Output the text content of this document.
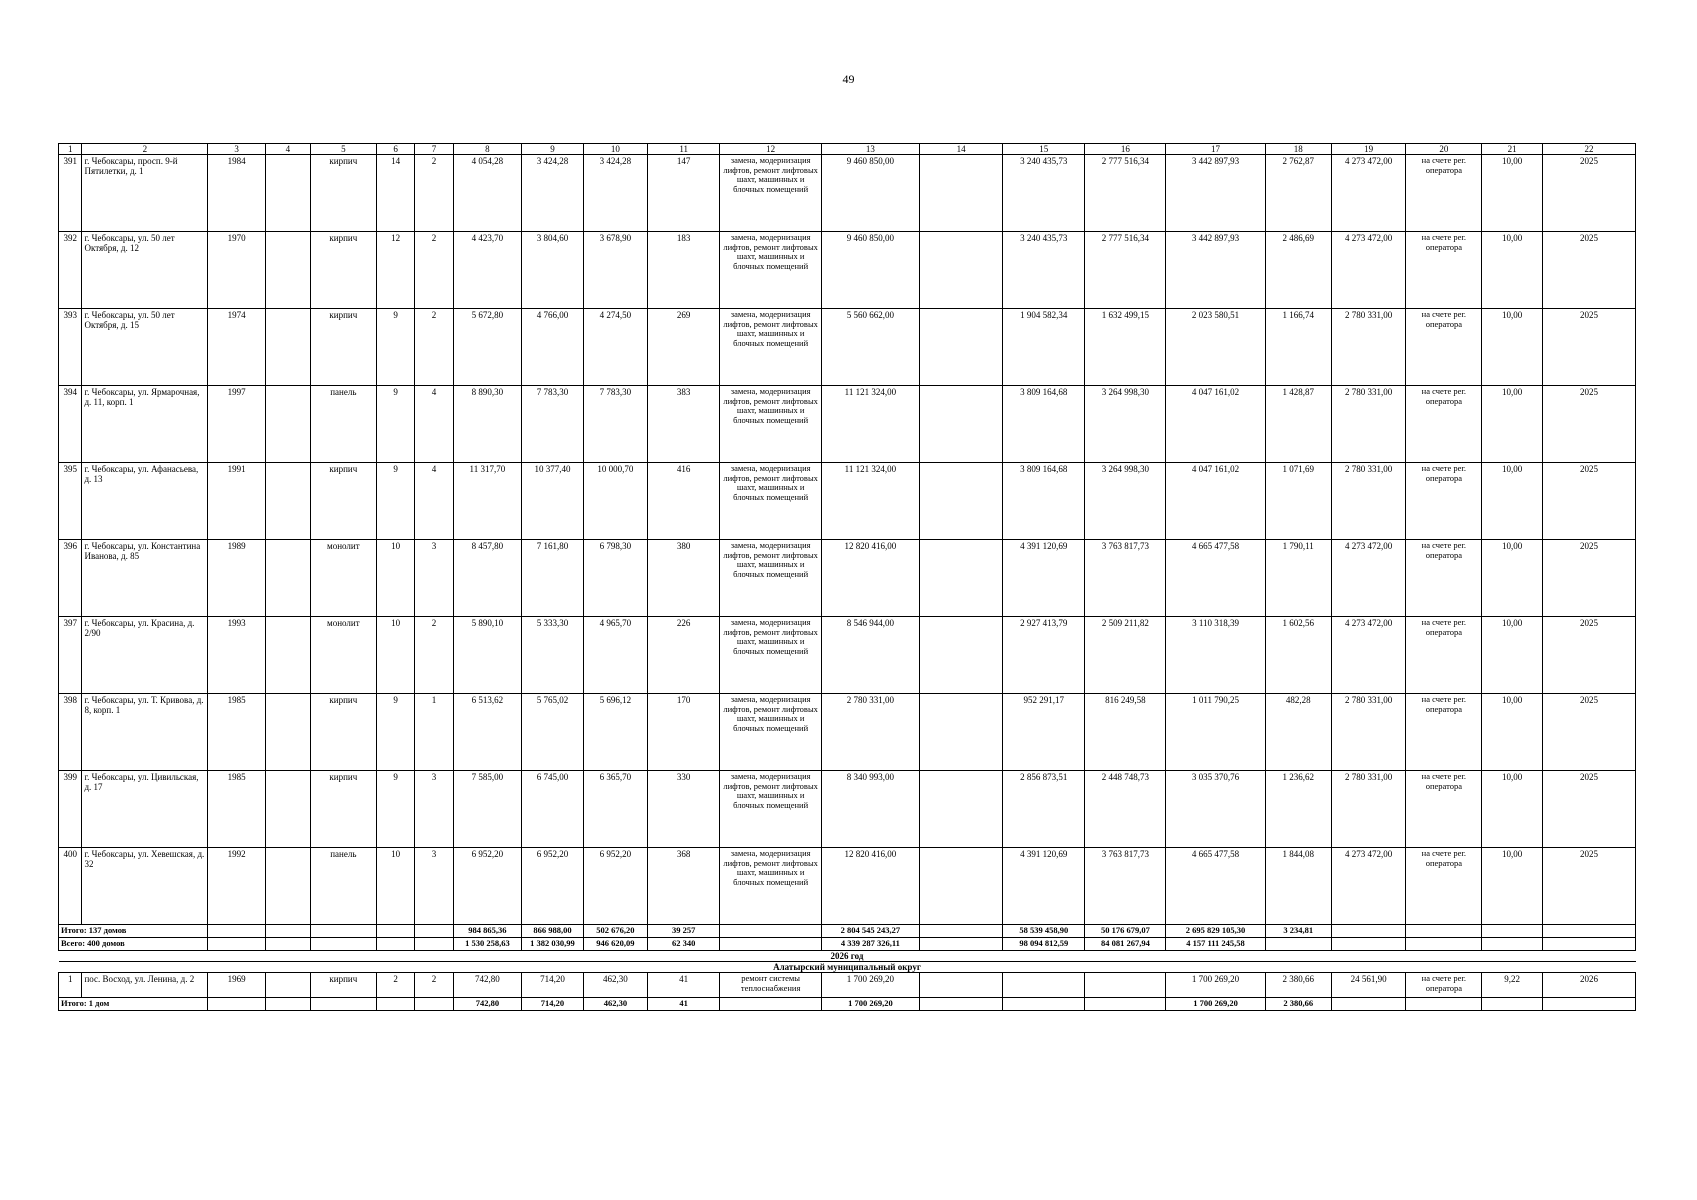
49
1	2	3	4	5	6	7	8	9	10	11	12	13	14	15	16	17	18	19	20	21	22
391	г. Чебоксары, просп. 9-й Пятилетки, д. 1	1984		кирпич	14	2	4 054,28	3 424,28	3 424,28	147	замена, модернизация лифтов, ремонт лифтовых шахт, машинных и блочных помещений	9 460 850,00		3 240 435,73	2 777 516,34	3 442 897,93	2 762,87	4 273 472,00	на счете рег. оператора	10,00	2025
392	г. Чебоксары, ул. 50 лет Октября, д. 12	1970		кирпич	12	2	4 423,70	3 804,60	3 678,90	183	замена, модернизация лифтов, ремонт лифтовых шахт, машинных и блочных помещений	9 460 850,00		3 240 435,73	2 777 516,34	3 442 897,93	2 486,69	4 273 472,00	на счете рег. оператора	10,00	2025
393	г. Чебоксары, ул. 50 лет Октября, д. 15	1974		кирпич	9	2	5 672,80	4 766,00	4 274,50	269	замена, модернизация лифтов, ремонт лифтовых шахт, машинных и блочных помещений	5 560 662,00		1 904 582,34	1 632 499,15	2 023 580,51	1 166,74	2 780 331,00	на счете рег. оператора	10,00	2025
394	г. Чебоксары, ул. Ярмарочная, д. 11, корп. 1	1997		панель	9	4	8 890,30	7 783,30	7 783,30	383	замена, модернизация лифтов, ремонт лифтовых шахт, машинных и блочных помещений	11 121 324,00		3 809 164,68	3 264 998,30	4 047 161,02	1 428,87	2 780 331,00	на счете рег. оператора	10,00	2025
395	г. Чебоксары, ул. Афанасьева, д. 13	1991		кирпич	9	4	11 317,70	10 377,40	10 000,70	416	замена, модернизация лифтов, ремонт лифтовых шахт, машинных и блочных помещений	11 121 324,00		3 809 164,68	3 264 998,30	4 047 161,02	1 071,69	2 780 331,00	на счете рег. оператора	10,00	2025
396	г. Чебоксары, ул. Константина Иванова, д. 85	1989		монолит	10	3	8 457,80	7 161,80	6 798,30	380	замена, модернизация лифтов, ремонт лифтовых шахт, машинных и блочных помещений	12 820 416,00		4 391 120,69	3 763 817,73	4 665 477,58	1 790,11	4 273 472,00	на счете рег. оператора	10,00	2025
397	г. Чебоксары, ул. Красина, д. 2/90	1993		монолит	10	2	5 890,10	5 333,30	4 965,70	226	замена, модернизация лифтов, ремонт лифтовых шахт, машинных и блочных помещений	8 546 944,00		2 927 413,79	2 509 211,82	3 110 318,39	1 602,56	4 273 472,00	на счете рег. оператора	10,00	2025
398	г. Чебоксары, ул. Т. Кривова, д. 8, корп. 1	1985		кирпич	9	1	6 513,62	5 765,02	5 696,12	170	замена, модернизация лифтов, ремонт лифтовых шахт, машинных и блочных помещений	2 780 331,00		952 291,17	816 249,58	1 011 790,25	482,28	2 780 331,00	на счете рег. оператора	10,00	2025
399	г. Чебоксары, ул. Цивильская, д. 17	1985		кирпич	9	3	7 585,00	6 745,00	6 365,70	330	замена, модернизация лифтов, ремонт лифтовых шахт, машинных и блочных помещений	8 340 993,00		2 856 873,51	2 448 748,73	3 035 370,76	1 236,62	2 780 331,00	на счете рег. оператора	10,00	2025
400	г. Чебоксары, ул. Хевешская, д. 32	1992		панель	10	3	6 952,20	6 952,20	6 952,20	368	замена, модернизация лифтов, ремонт лифтовых шахт, машинных и блочных помещений	12 820 416,00		4 391 120,69	3 763 817,73	4 665 477,58	1 844,08	4 273 472,00	на счете рег. оператора	10,00	2025
Итого: 137 домов							984 865,36	866 988,00	502 676,20	39 257		2 804 545 243,27		58 539 458,90	50 176 679,07	2 695 829 105,30	3 234,81				
Всего: 400 домов							1 530 258,63	1 382 030,99	946 620,09	62 340		4 339 287 326,11		98 094 812,59	84 081 267,94	4 157 111 245,58					
2026 год																					
Алатырский муниципальный округ																					
1	пос. Восход, ул. Ленина, д. 2	1969		кирпич	2	2	742,80	714,20	462,30	41	ремонт системы теплоснабжения	1 700 269,20				1 700 269,20	2 380,66	24 561,90	на счете рег. оператора	9,22	2026
Итого: 1 дом							742,80	714,20	462,30	41		1 700 269,20				1 700 269,20	2 380,66				
